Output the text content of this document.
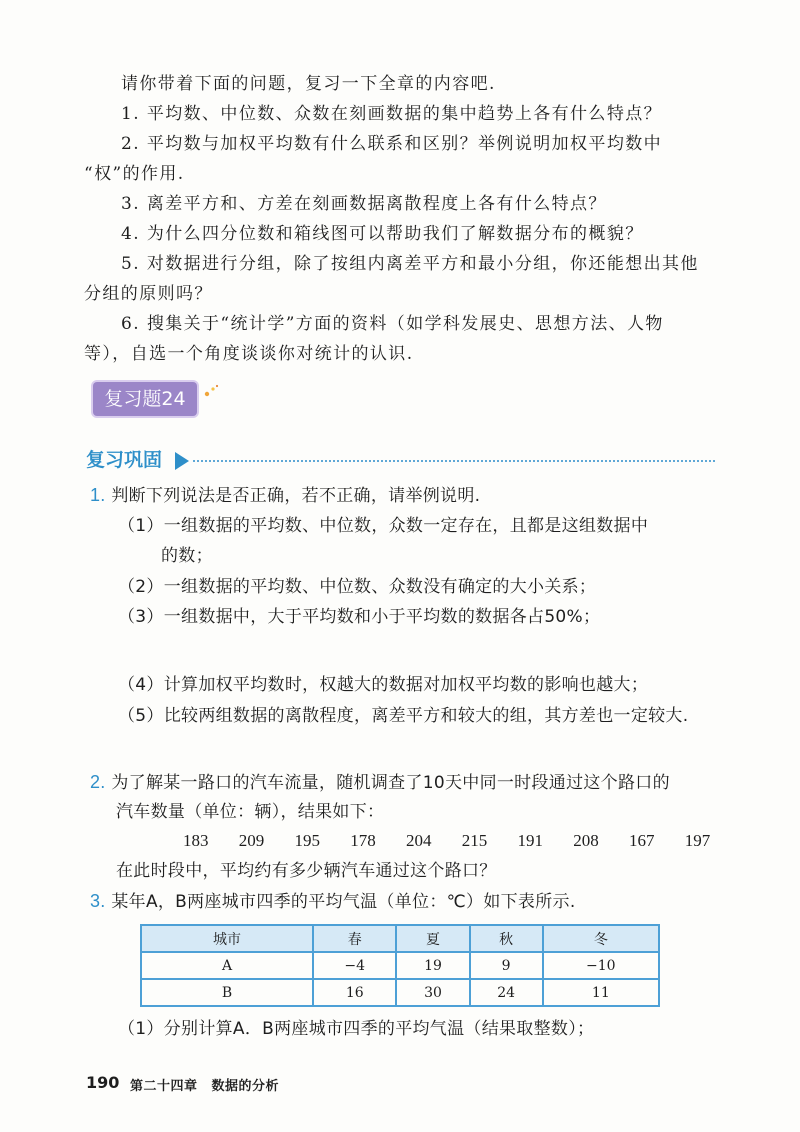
请你带着下面的问题，复习一下全章的内容吧.
1. 平均数、中位数、众数在刻画数据的集中趋势上各有什么特点？
2. 平均数与加权平均数有什么联系和区别？举例说明加权平均数中
“权”的作用.
3. 离差平方和、方差在刻画数据离散程度上各有什么特点？
4. 为什么四分位数和箱线图可以帮助我们了解数据分布的概貌？
5. 对数据进行分组，除了按组内离差平方和最小分组，你还能想出其他
分组的原则吗？
6. 搜集关于“统计学”方面的资料（如学科发展史、思想方法、人物
等），自选一个角度谈谈你对统计的认识.
复习题24
复习巩固
1. 判断下列说法是否正确，若不正确，请举例说明.
（1）一组数据的平均数、中位数，众数一定存在，且都是这组数据中
的数；
（2）一组数据的平均数、中位数、众数没有确定的大小关系；
（3）一组数据中，大于平均数和小于平均数的数据各占50%；
（4）计算加权平均数时，权越大的数据对加权平均数的影响也越大；
（5）比较两组数据的离散程度，离差平方和较大的组，其方差也一定较大.
2. 为了解某一路口的汽车流量，随机调查了10天中同一时段通过这个路口的
汽车数量（单位：辆），结果如下：
183 209 195 178 204 215 191 208 167 197
在此时段中，平均约有多少辆汽车通过这个路口？
3. 某年A，B两座城市四季的平均气温（单位：℃）如下表所示.
城市	春	夏	秋	冬
A	−4	19	9	−10
B	16	30	24	11
（1）分别计算A．B两座城市四季的平均气温（结果取整数）；
190 第二十四章 数据的分析
